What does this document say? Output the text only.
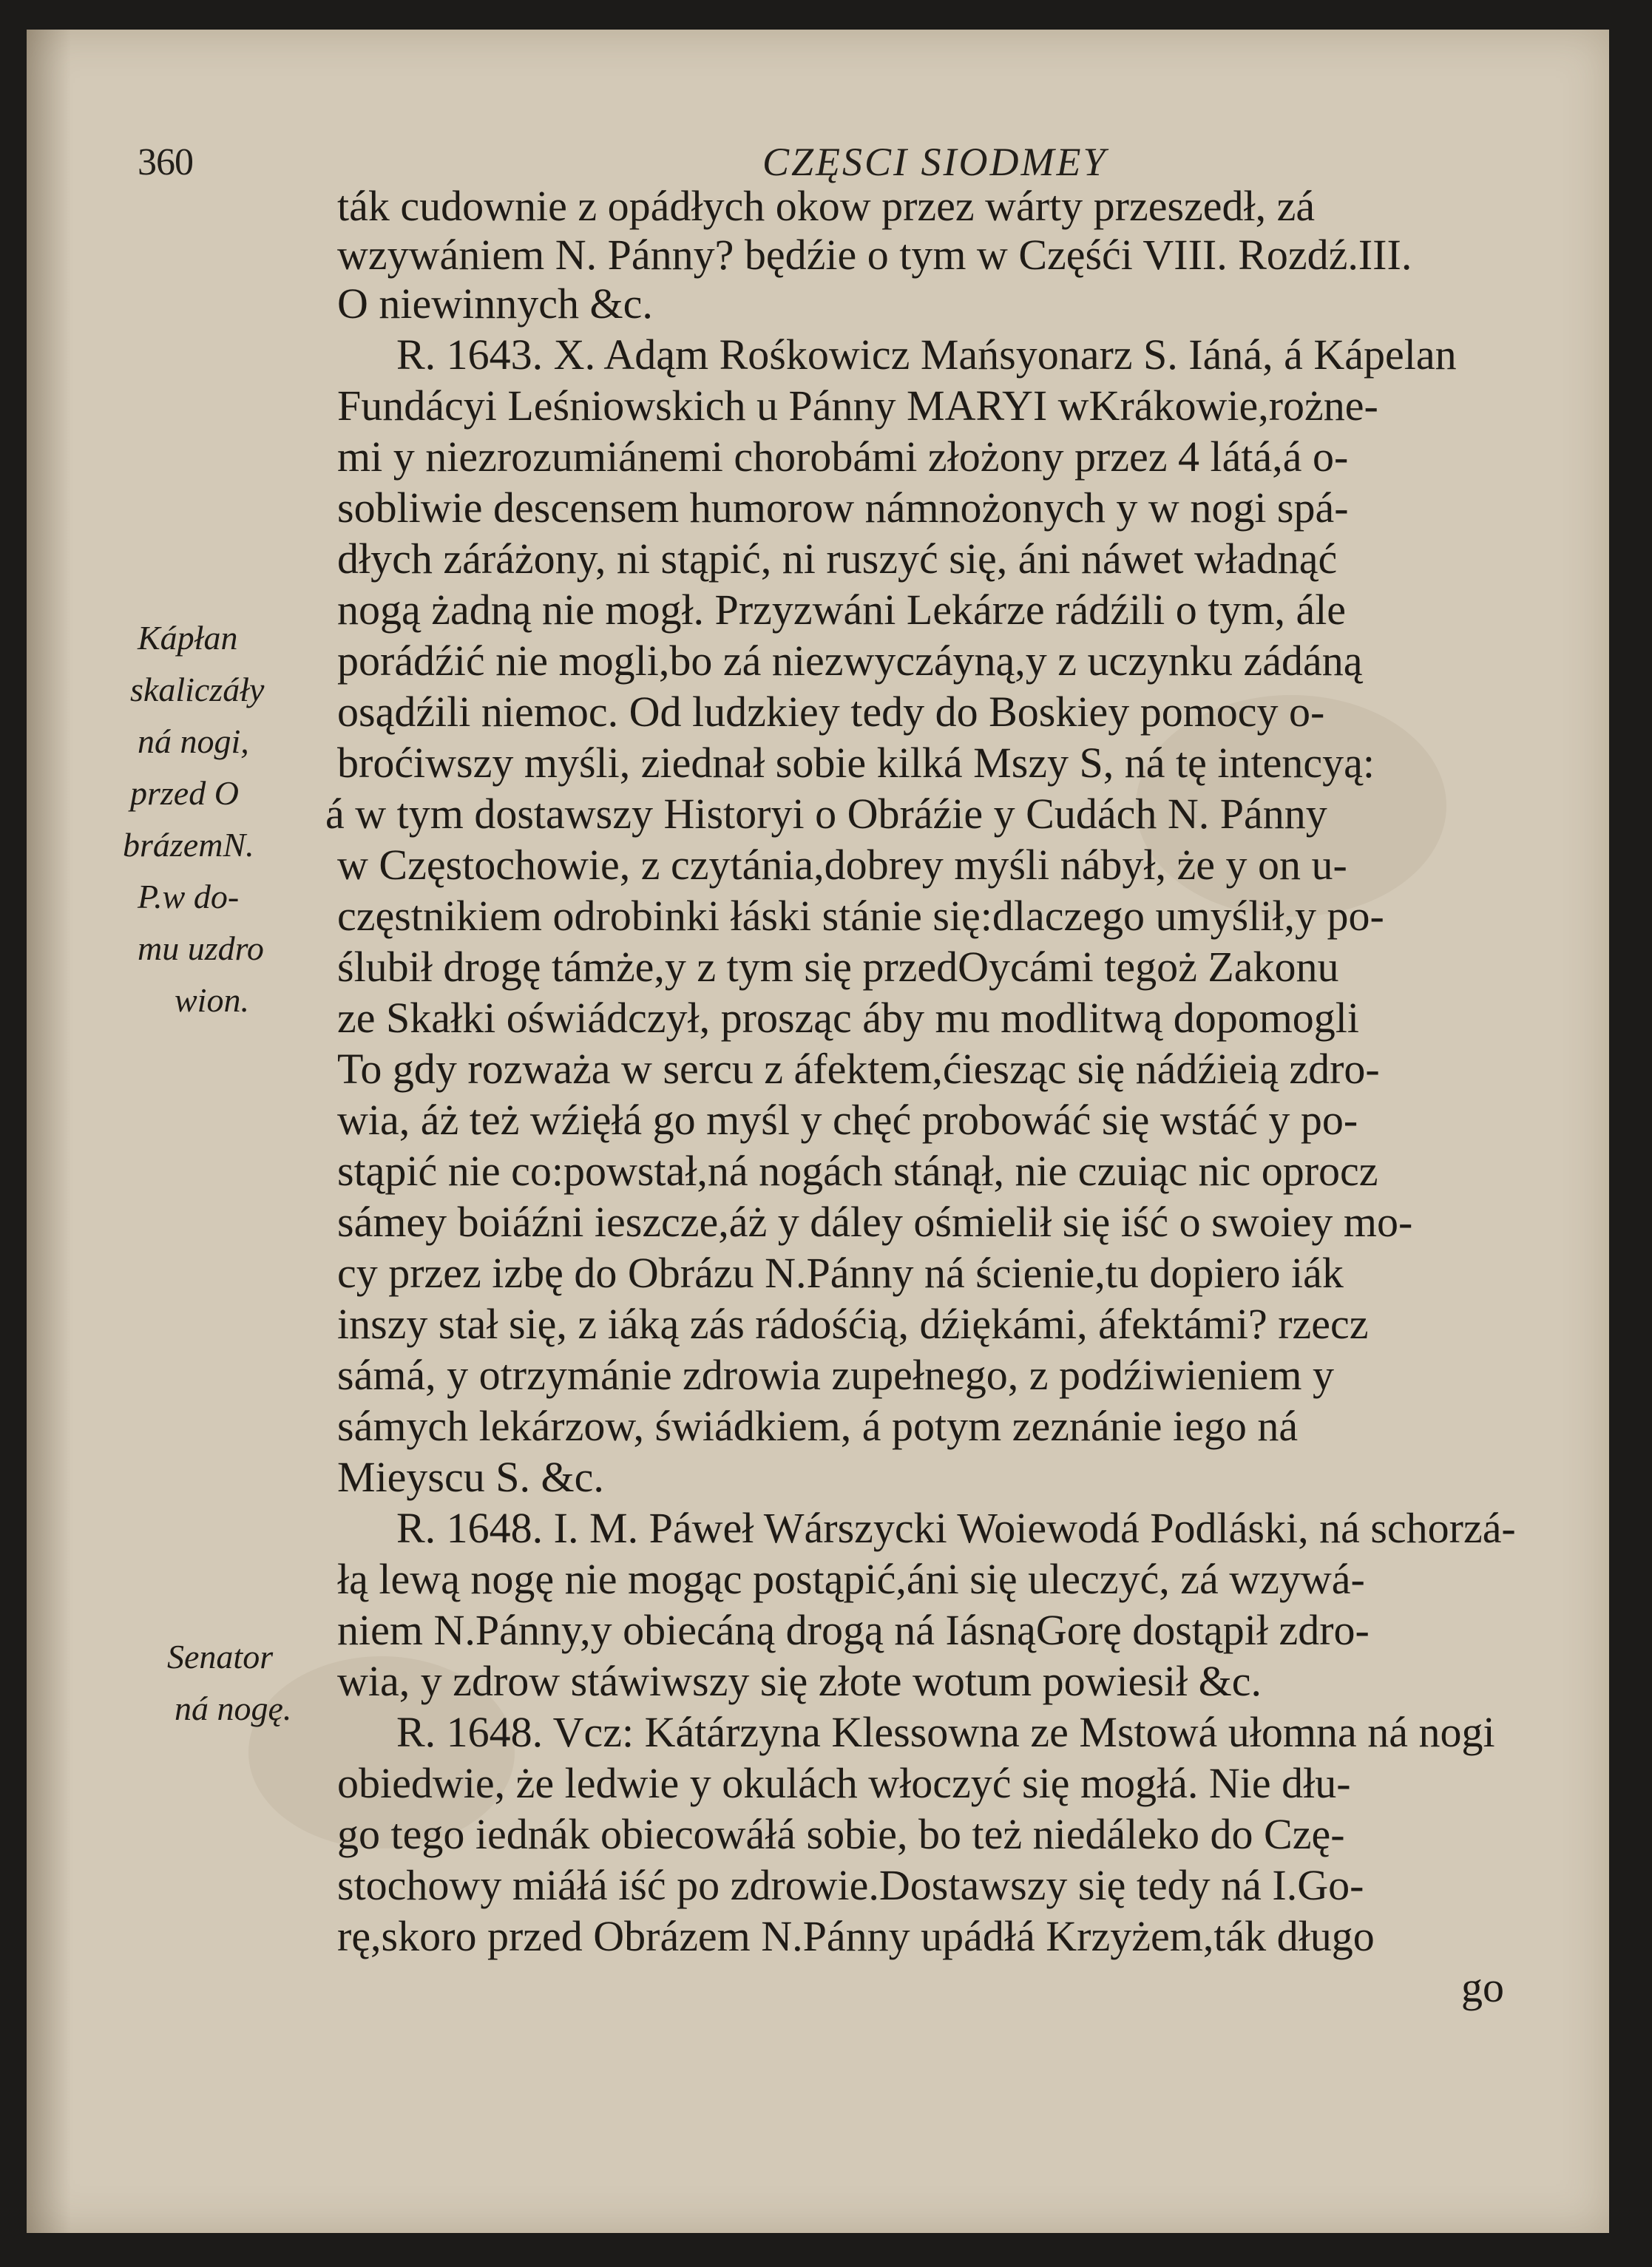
360	CZĘSCI SIODMEY
ták cudownie z opádłych okow przez wárty przeszedł, zá
wzywániem N. Pánny? będźie o tym w Częśći VIII. Rozdź.III.
O niewinnych &c.
R. 1643. X. Adąm Rośkowicz Mańsyonarz S. Iáná, á Kápelan
Fundácyi Leśniowskich u Pánny MARYI wKrákowie,rożne-
mi y niezrozumiánemi chorobámi złożony przez 4 látá,á o-
sobliwie descensem humorow námnożonych y w nogi spá-
dłych záráżony, ni stąpić, ni ruszyć się, áni náwet władnąć
nogą żadną nie mogł. Przyzwáni Lekárze rádźili o tym, ále
porádźić nie mogli,bo zá niezwyczáyną,y z uczynku zádáną
osądźili niemoc. Od ludzkiey tedy do Boskiey pomocy o-
broćiwszy myśli, ziednał sobie kilká Mszy S, ná tę intencyą:
á w tym dostawszy Historyi o Obráźie y Cudách N. Pánny
w Częstochowie, z czytánia,dobrey myśli nábył, że y on u-
częstnikiem odrobinki łáski stánie się:dlaczego umyślił,y po-
ślubił drogę támże,y z tym się przedOycámi tegoż Zakonu
ze Skałki oświádczył, prosząc áby mu modlitwą dopomogli
To gdy rozważa w sercu z áfektem,ćiesząc się nádźieią zdro-
wia, áż też wźięłá go myśl y chęć probowáć się wstáć y po-
stąpić nie co:powstał,ná nogách stánął, nie czuiąc nic oprocz
sámey boiáźni ieszcze,áż y dáley ośmielił się iść o swoiey mo-
cy przez izbę do Obrázu N.Pánny ná ścienie,tu dopiero iák
inszy stał się, z iáką zás rádośćią, dźiękámi, áfektámi? rzecz
sámá, y otrzymánie zdrowia zupełnego, z podźiwieniem y
sámych lekárzow, świádkiem, á potym zeznánie iego ná
Mieyscu S. &c.
R. 1648. I. M. Páweł Wárszycki Woiewodá Podláski, ná schorzá-
łą lewą nogę nie mogąc postąpić,áni się uleczyć, zá wzywá-
niem N.Pánny,y obiecáną drogą ná IásnąGorę dostąpił zdro-
wia, y zdrow stáwiwszy się złote wotum powiesił &c.
R. 1648. Vcz: Kátárzyna Klessowna ze Mstowá ułomna ná nogi
obiedwie, że ledwie y okulách włoczyć się mogłá. Nie dłu-
go tego iednák obiecowáłá sobie, bo też niedáleko do Czę-
stochowy miáłá iść po zdrowie.Dostawszy się tedy ná I.Go-
rę,skoro przed Obrázem N.Pánny upádłá Krzyżem,ták długo
go
Kápłan
skaliczáły
ná nogi,
przed O
brázemN.
P.w do-
mu uzdro
wion.
Senator
ná nogę.
